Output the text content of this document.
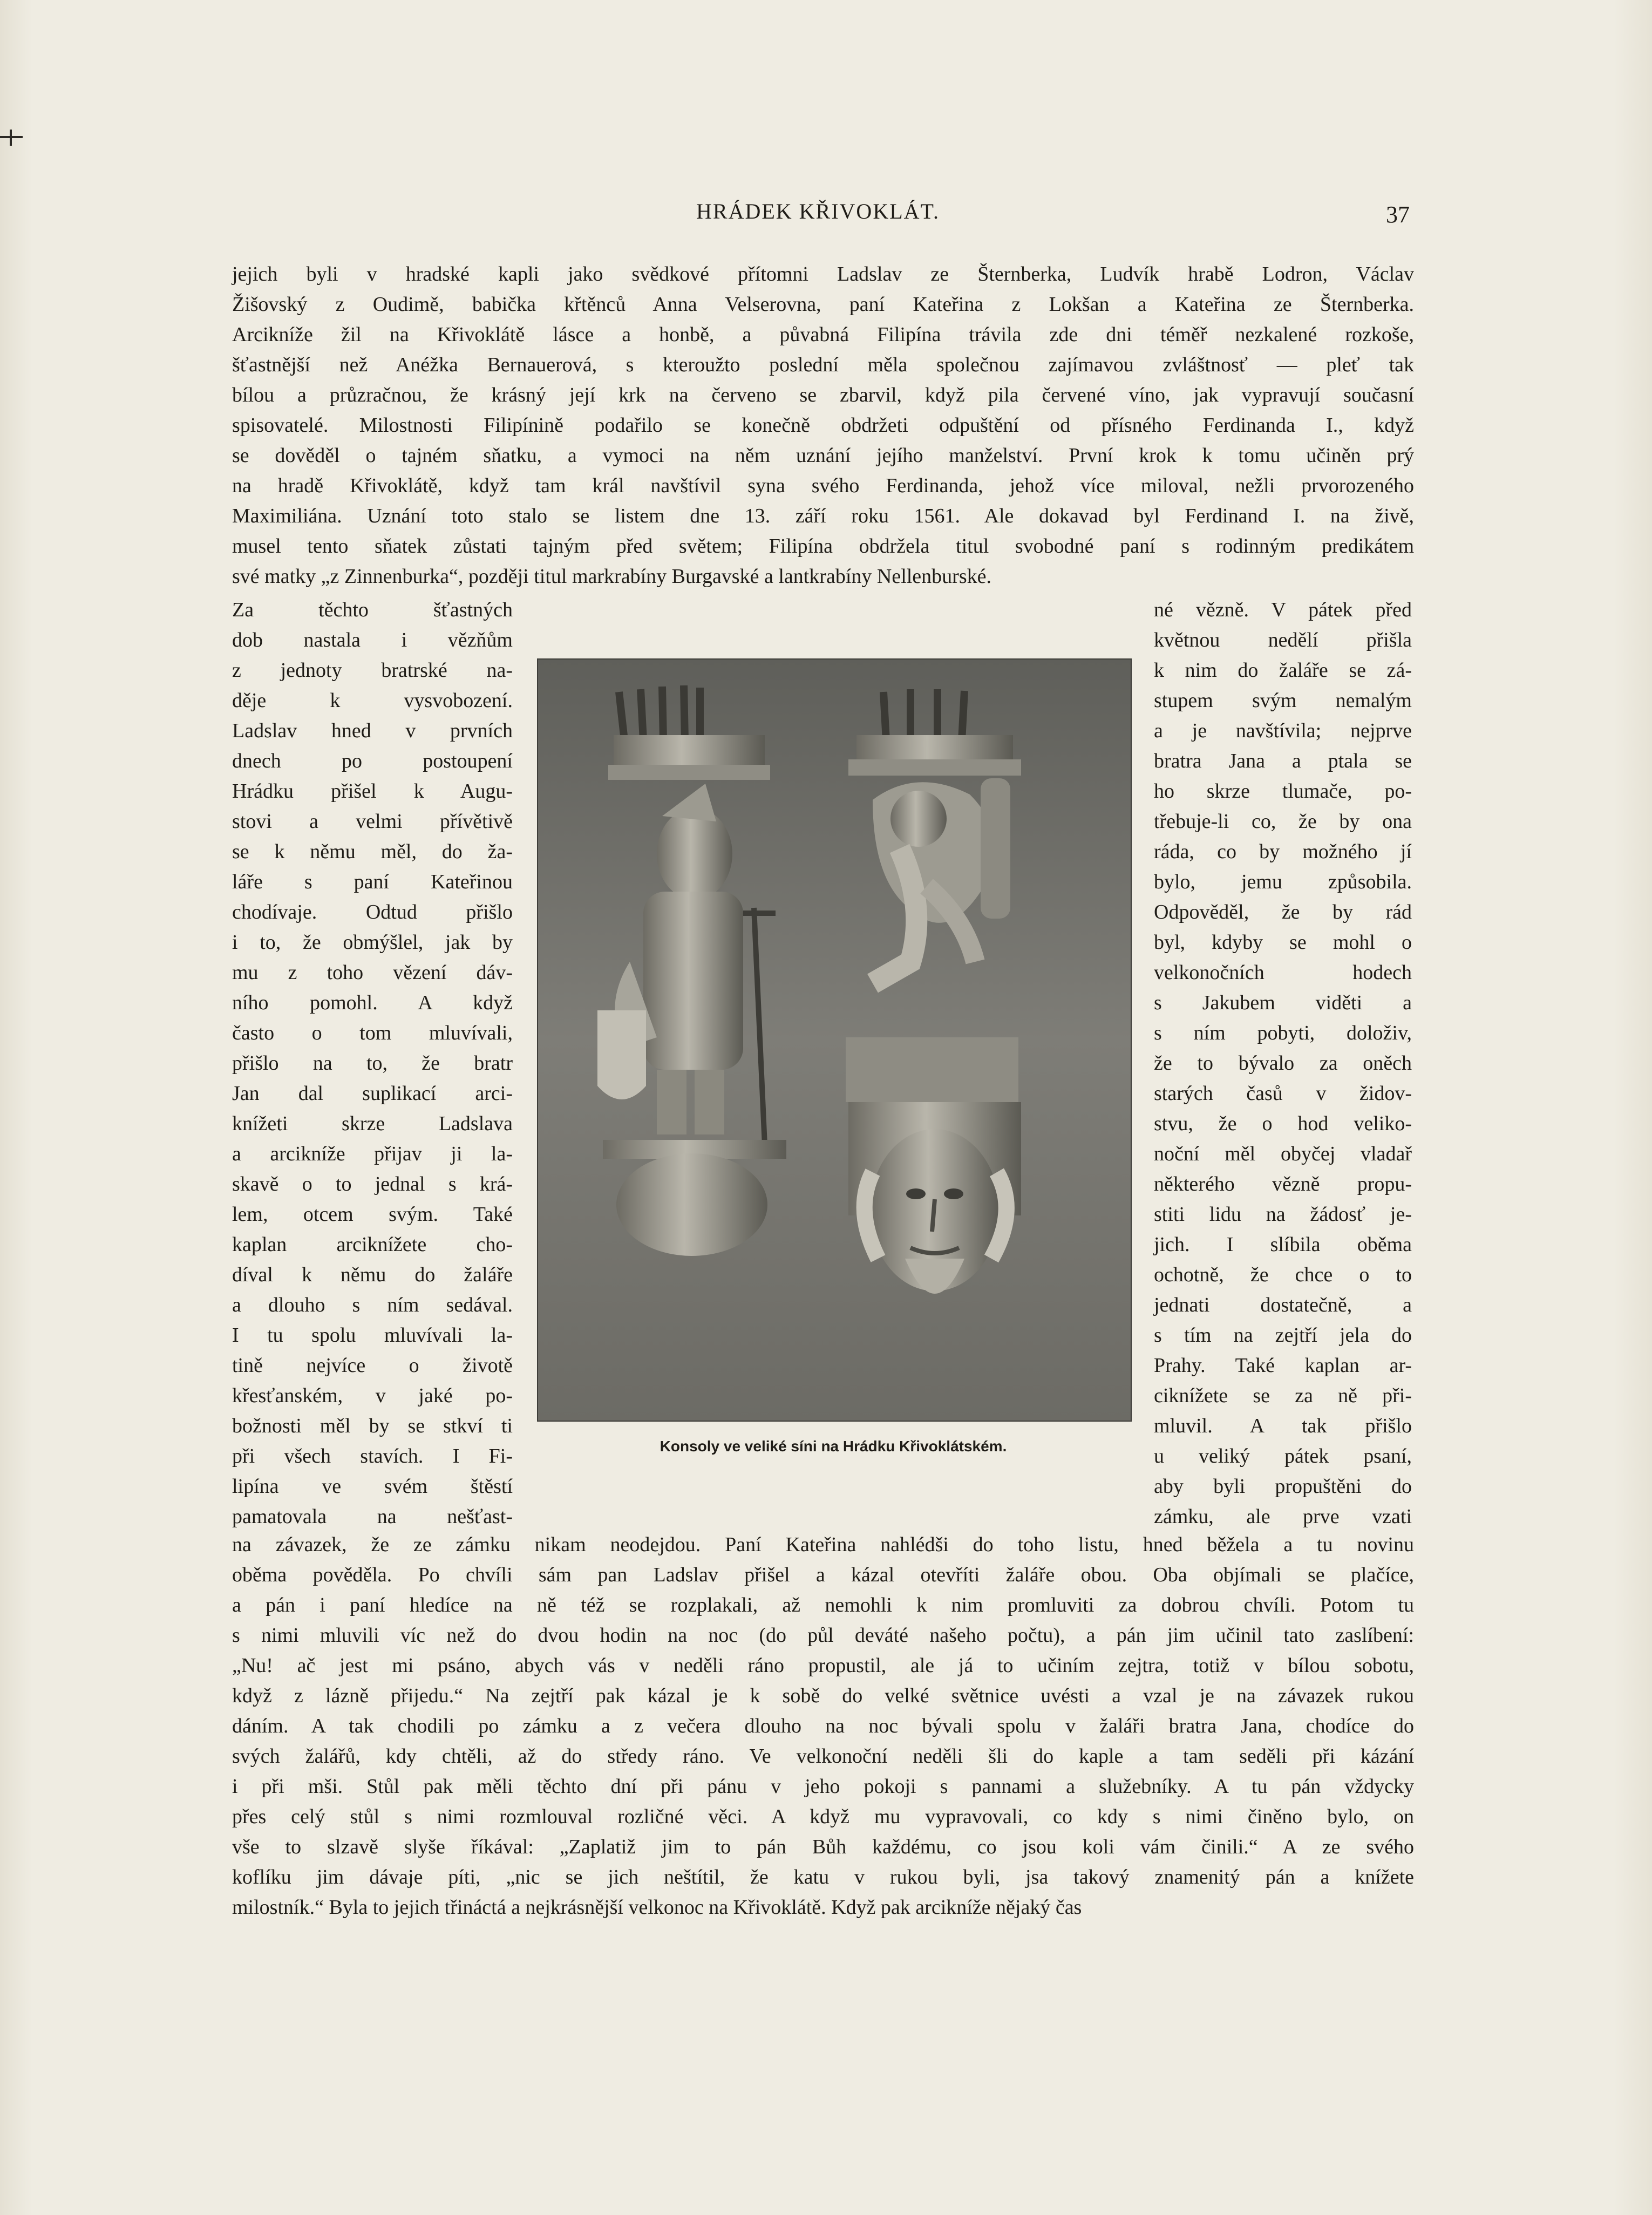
HRÁDEK KŘIVOKLÁT.	37
jejich byli v hradské kapli jako svědkové přítomni Ladslav ze Šternberka, Ludvík hrabě Lodron, Václav
Žišovský z Oudimě, babička křtěnců Anna Velserovna, paní Kateřina z Lokšan a Kateřina ze Šternberka.
Arcikníže žil na Křivoklátě lásce a honbě, a půvabná Filipína trávila zde dni téměř nezkalené rozkoše,
šťastnější než Anéžka Bernauerová, s kteroužto poslední měla společnou zajímavou zvláštnosť — pleť tak
bílou a průzračnou, že krásný její krk na červeno se zbarvil, když pila červené víno, jak vypravují současní
spisovatelé. Milostnosti Filipínině podařilo se konečně obdržeti odpuštění od přísného Ferdinanda I., když
se dověděl o tajném sňatku, a vymoci na něm uznání jejího manželství. První krok k tomu učiněn prý
na hradě Křivoklátě, když tam král navštívil syna svého Ferdinanda, jehož více miloval, nežli prvorozeného
Maximiliána. Uznání toto stalo se listem dne 13. září roku 1561. Ale dokavad byl Ferdinand I. na živě,
musel tento sňatek zůstati tajným před světem; Filipína obdržela titul svobodné paní s rodinným predikátem
své matky „z Zinnenburka“, později titul markrabíny Burgavské a lantkrabíny Nellenburské.
Za těchto šťastných
dob nastala i vězňům
z jednoty bratrské na-
děje k vysvobození.
Ladslav hned v prvních
dnech po postoupení
Hrádku přišel k Augu-
stovi a velmi přívětivě
se k němu měl, do ža-
láře s paní Kateřinou
chodívaje. Odtud přišlo
i to, že obmýšlel, jak by
mu z toho vězení dáv-
ního pomohl. A když
často o tom mluvívali,
přišlo na to, že bratr
Jan dal suplikací arci-
knížeti skrze Ladslava
a arcikníže přijav ji la-
skavě o to jednal s krá-
lem, otcem svým. Také
kaplan arciknížete cho-
díval k němu do žaláře
a dlouho s ním sedával.
I tu spolu mluvívali la-
tině nejvíce o životě
křesťanském, v jaké po-
božnosti měl by se stkví ti
při všech stavích. I Fi-
lipína ve svém štěstí
pamatovala na nešťast-
né vězně. V pátek před
květnou nedělí přišla
k nim do žaláře se zá-
stupem svým nemalým
a je navštívila; nejprve
bratra Jana a ptala se
ho skrze tlumače, po-
třebuje-li co, že by ona
ráda, co by možného jí
bylo, jemu způsobila.
Odpověděl, že by rád
byl, kdyby se mohl o
velkonočních hodech
s Jakubem viděti a
s ním pobyti, doloživ,
že to bývalo za oněch
starých časů v židov-
stvu, že o hod veliko-
noční měl obyčej vladař
některého vězně propu-
stiti lidu na žádosť je-
jich. I slíbila oběma
ochotně, že chce o to
jednati dostatečně, a
s tím na zejtří jela do
Prahy. Také kaplan ar-
ciknížete se za ně při-
mluvil. A tak přišlo
u veliký pátek psaní,
aby byli propuštěni do
zámku, ale prve vzati
Konsoly ve veliké síni na Hrádku Křivoklátském.
na závazek, že ze zámku nikam neodejdou. Paní Kateřina nahlédši do toho listu, hned běžela a tu novinu
oběma pověděla. Po chvíli sám pan Ladslav přišel a kázal otevříti žaláře obou. Oba objímali se plačíce,
a pán i paní hledíce na ně též se rozplakali, až nemohli k nim promluviti za dobrou chvíli. Potom tu
s nimi mluvili víc než do dvou hodin na noc (do půl deváté našeho počtu), a pán jim učinil tato zaslíbení:
„Nu! ač jest mi psáno, abych vás v neděli ráno propustil, ale já to učiním zejtra, totiž v bílou sobotu,
když z lázně přijedu.“ Na zejtří pak kázal je k sobě do velké světnice uvésti a vzal je na závazek rukou
dáním. A tak chodili po zámku a z večera dlouho na noc bývali spolu v žaláři bratra Jana, chodíce do
svých žalářů, kdy chtěli, až do středy ráno. Ve velkonoční neděli šli do kaple a tam seděli při kázání
i při mši. Stůl pak měli těchto dní při pánu v jeho pokoji s pannami a služebníky. A tu pán vždycky
přes celý stůl s nimi rozmlouval rozličné věci. A když mu vypravovali, co kdy s nimi činěno bylo, on
vše to slzavě slyše říkával: „Zaplatiž jim to pán Bůh každému, co jsou koli vám činili.“ A ze svého
koflíku jim dávaje píti, „nic se jich neštítil, že katu v rukou byli, jsa takový znamenitý pán a knížete
milostník.“ Byla to jejich třináctá a nejkrásnější velkonoc na Křivoklátě. Když pak arcikníže nějaký čas
